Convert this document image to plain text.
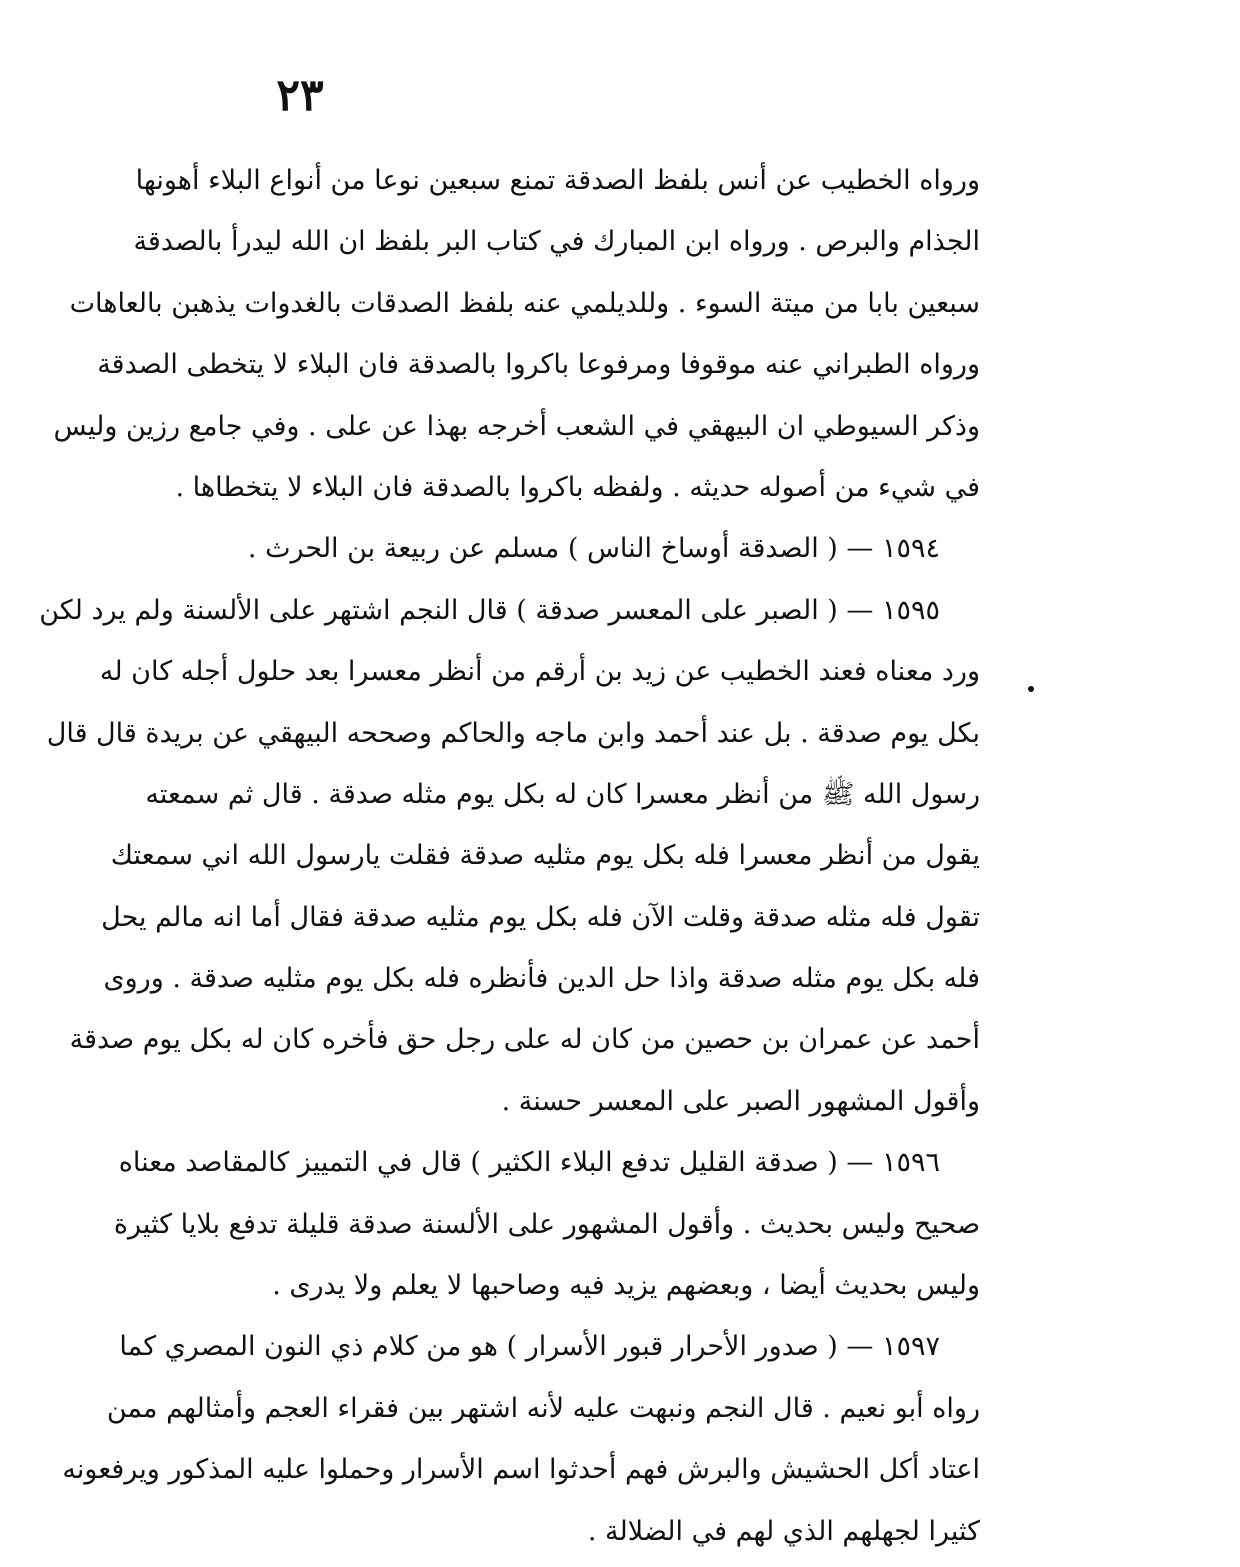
٢٣
ورواه الخطيب عن أنس بلفظ الصدقة تمنع سبعين نوعا من أنواع البلاء أهونها
الجذام والبرص . ورواه ابن المبارك في كتاب البر بلفظ ان الله ليدرأ بالصدقة
سبعين بابا من ميتة السوء . وللديلمي عنه بلفظ الصدقات بالغدوات يذهبن بالعاهات
ورواه الطبراني عنه موقوفا ومرفوعا باكروا بالصدقة فان البلاء لا يتخطى الصدقة
وذكر السيوطي ان البيهقي في الشعب أخرجه بهذا عن على . وفي جامع رزين وليس
في شيء من أصوله حديثه . ولفظه باكروا بالصدقة فان البلاء لا يتخطاها .
١٥٩٤ — ( الصدقة أوساخ الناس ) مسلم عن ربيعة بن الحرث .
١٥٩٥ — ( الصبر على المعسر صدقة ) قال النجم اشتهر على الألسنة ولم يرد لكن
ورد معناه فعند الخطيب عن زيد بن أرقم من أنظر معسرا بعد حلول أجله كان له
بكل يوم صدقة . بل عند أحمد وابن ماجه والحاكم وصححه البيهقي عن بريدة قال قال
رسول الله ﷺ من أنظر معسرا كان له بكل يوم مثله صدقة . قال ثم سمعته
يقول من أنظر معسرا فله بكل يوم مثليه صدقة فقلت يارسول الله اني سمعتك
تقول فله مثله صدقة وقلت الآن فله بكل يوم مثليه صدقة فقال أما انه مالم يحل
فله بكل يوم مثله صدقة واذا حل الدين فأنظره فله بكل يوم مثليه صدقة . وروى
أحمد عن عمران بن حصين من كان له على رجل حق فأخره كان له بكل يوم صدقة
وأقول المشهور الصبر على المعسر حسنة .
١٥٩٦ — ( صدقة القليل تدفع البلاء الكثير ) قال في التمييز كالمقاصد معناه
صحيح وليس بحديث . وأقول المشهور على الألسنة صدقة قليلة تدفع بلايا كثيرة
وليس بحديث أيضا ، وبعضهم يزيد فيه وصاحبها لا يعلم ولا يدرى .
١٥٩٧ — ( صدور الأحرار قبور الأسرار ) هو من كلام ذي النون المصري كما
رواه أبو نعيم . قال النجم ونبهت عليه لأنه اشتهر بين فقراء العجم وأمثالهم ممن
اعتاد أكل الحشيش والبرش فهم أحدثوا اسم الأسرار وحملوا عليه المذكور ويرفعونه
كثيرا لجهلهم الذي لهم في الضلالة .
